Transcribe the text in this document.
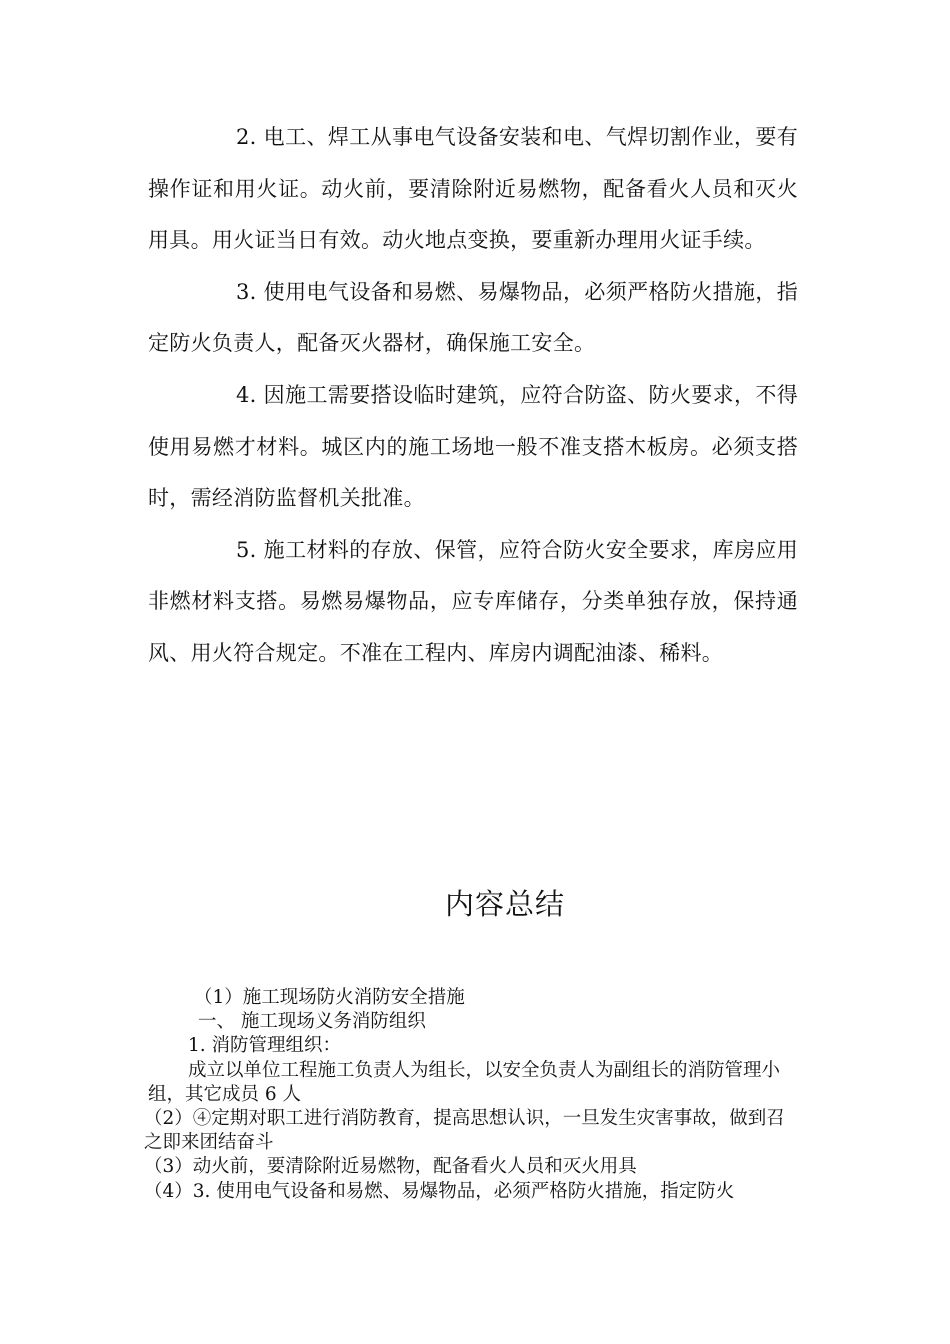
2. 电工、焊工从事电气设备安装和电、气焊切割作业，要有操作证和用火证。动火前，要清除附近易燃物，配备看火人员和灭火用具。用火证当日有效。动火地点变换，要重新办理用火证手续。

3. 使用电气设备和易燃、易爆物品，必须严格防火措施，指定防火负责人，配备灭火器材，确保施工安全。

4. 因施工需要搭设临时建筑，应符合防盗、防火要求，不得使用易燃才材料。城区内的施工场地一般不准支搭木板房。必须支搭时，需经消防监督机关批准。

5. 施工材料的存放、保管，应符合防火安全要求，库房应用非燃材料支搭。易燃易爆物品，应专库储存，分类单独存放，保持通风、用火符合规定。不准在工程内、库房内调配油漆、稀料。

内容总结
（1）施工现场防火消防安全措施
一、 施工现场义务消防组织
1. 消防管理组织：
成立以单位工程施工负责人为组长，以安全负责人为副组长的消防管理小组，其它成员 6 人
（2）④定期对职工进行消防教育，提高思想认识，一旦发生灾害事故，做到召之即来团结奋斗
（3）动火前，要清除附近易燃物，配备看火人员和灭火用具
（4）3. 使用电气设备和易燃、易爆物品，必须严格防火措施，指定防火
